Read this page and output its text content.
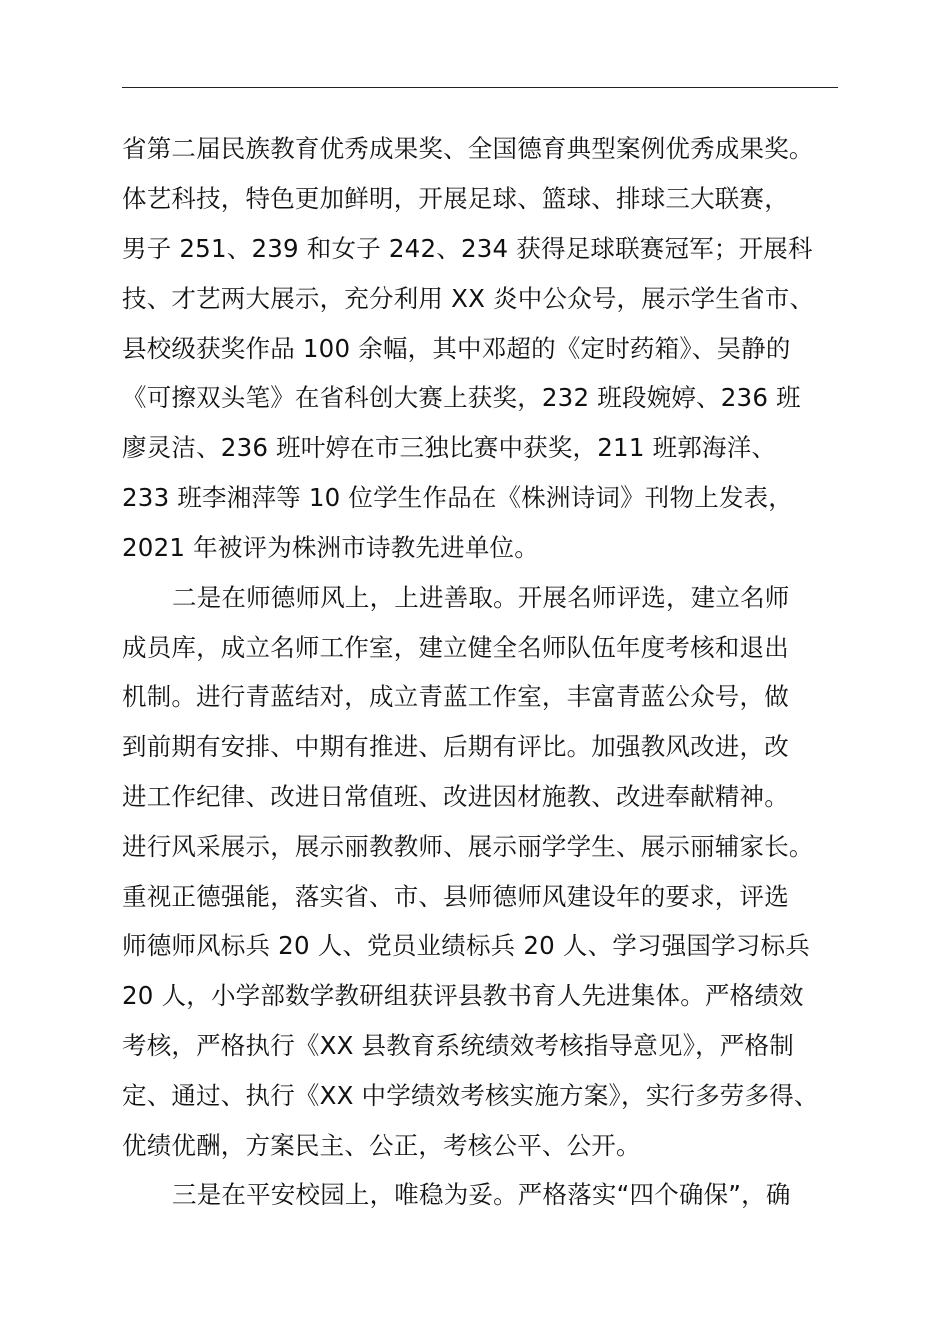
省第二届民族教育优秀成果奖、全国德育典型案例优秀成果奖。
体艺科技，特色更加鲜明，开展足球、篮球、排球三大联赛，
男子 251、239 和女子 242、234 获得足球联赛冠军；开展科
技、才艺两大展示，充分利用 XX 炎中公众号，展示学生省市、
县校级获奖作品 100 余幅，其中邓超的《定时药箱》、吴静的
《可擦双头笔》在省科创大赛上获奖，232 班段婉婷、236 班
廖灵洁、236 班叶婷在市三独比赛中获奖，211 班郭海洋、
233 班李湘萍等 10 位学生作品在《株洲诗词》刊物上发表，
2021 年被评为株洲市诗教先进单位。
二是在师德师风上，上进善取。开展名师评选，建立名师
成员库，成立名师工作室，建立健全名师队伍年度考核和退出
机制。进行青蓝结对，成立青蓝工作室，丰富青蓝公众号，做
到前期有安排、中期有推进、后期有评比。加强教风改进，改
进工作纪律、改进日常值班、改进因材施教、改进奉献精神。
进行风采展示，展示丽教教师、展示丽学学生、展示丽辅家长。
重视正德强能，落实省、市、县师德师风建设年的要求，评选
师德师风标兵 20 人、党员业绩标兵 20 人、学习强国学习标兵
20 人，小学部数学教研组获评县教书育人先进集体。严格绩效
考核，严格执行《XX 县教育系统绩效考核指导意见》，严格制
定、通过、执行《XX 中学绩效考核实施方案》，实行多劳多得、
优绩优酬，方案民主、公正，考核公平、公开。
三是在平安校园上，唯稳为妥。严格落实“四个确保”，确
